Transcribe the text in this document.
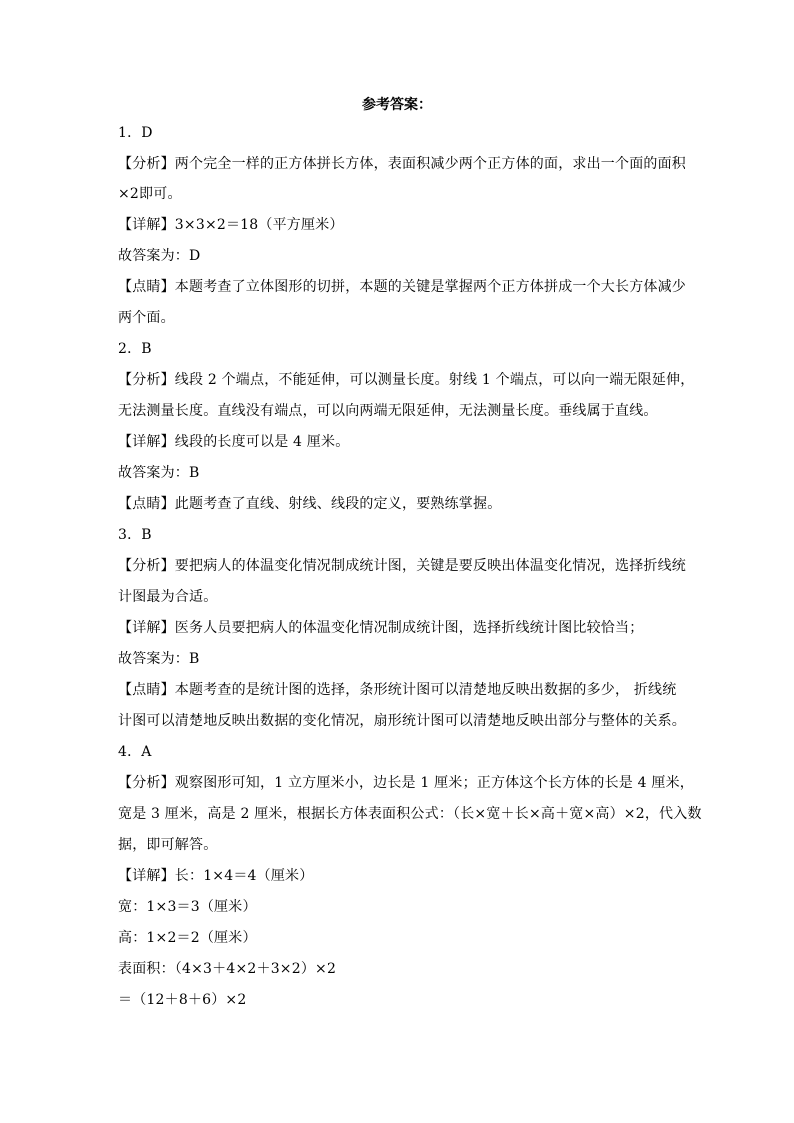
参考答案：
1．D
【分析】两个完全一样的正方体拼长方体，表面积减少两个正方体的面，求出一个面的面积
×2即可。
【详解】3×3×2＝18（平方厘米）
故答案为：D
【点睛】本题考查了立体图形的切拼，本题的关键是掌握两个正方体拼成一个大长方体减少
两个面。
2．B
【分析】线段 2 个端点，不能延伸，可以测量长度。射线 1 个端点，可以向一端无限延伸，
无法测量长度。直线没有端点，可以向两端无限延伸，无法测量长度。垂线属于直线。
【详解】线段的长度可以是 4 厘米。
故答案为：B
【点睛】此题考查了直线、射线、线段的定义，要熟练掌握。
3．B
【分析】要把病人的体温变化情况制成统计图，关键是要反映出体温变化情况，选择折线统
计图最为合适。
【详解】医务人员要把病人的体温变化情况制成统计图，选择折线统计图比较恰当；
故答案为：B
【点睛】本题考查的是统计图的选择，条形统计图可以清楚地反映出数据的多少， 折线统
计图可以清楚地反映出数据的变化情况，扇形统计图可以清楚地反映出部分与整体的关系。
4．A
【分析】观察图形可知，1 立方厘米小，边长是 1 厘米；正方体这个长方体的长是 4 厘米，
宽是 3 厘米，高是 2 厘米，根据长方体表面积公式：（长×宽＋长×高＋宽×高）×2，代入数
据，即可解答。
【详解】长：1×4＝4（厘米）
宽：1×3＝3（厘米）
高：1×2＝2（厘米）
表面积：（4×3＋4×2＋3×2）×2
＝（12＋8＋6）×2
